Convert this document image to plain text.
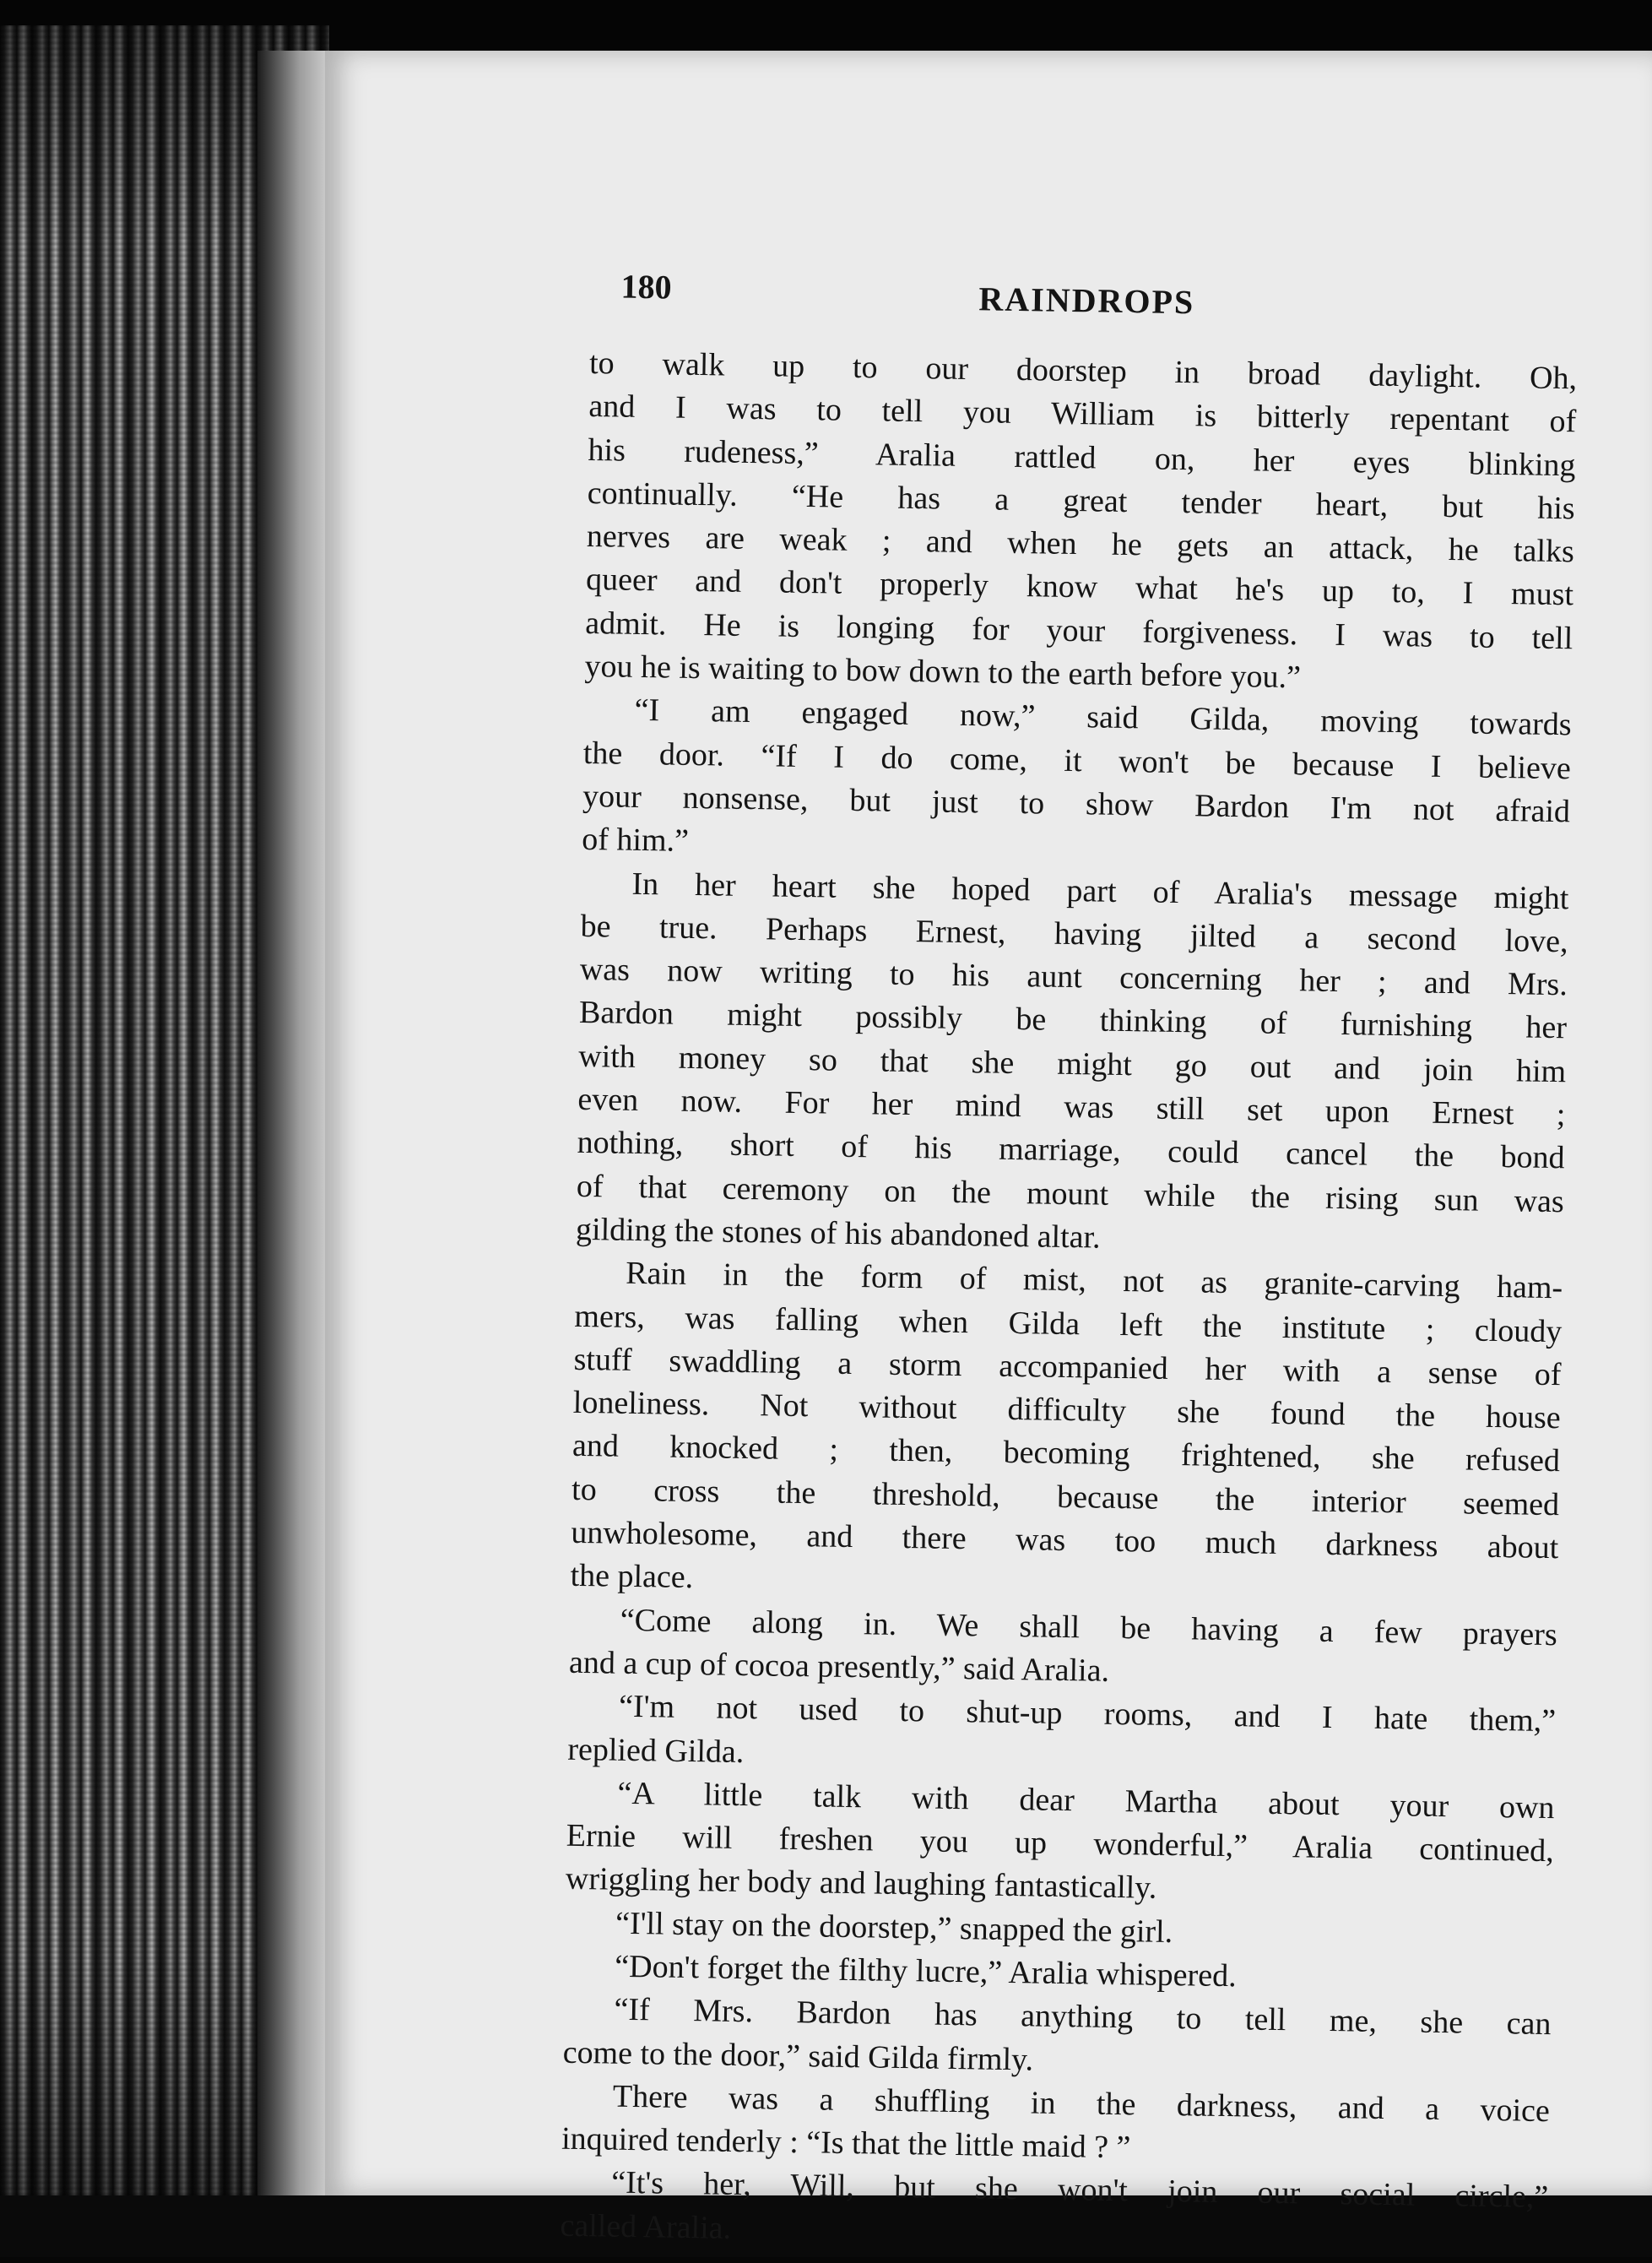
180	RAINDROPS
to walk up to our doorstep in broad daylight. Oh,
and I was to tell you William is bitterly repentant of
his rudeness,” Aralia rattled on, her eyes blinking
continually. “He has a great tender heart, but his
nerves are weak ; and when he gets an attack, he talks
queer and don't properly know what he's up to, I must
admit. He is longing for your forgiveness. I was to tell
you he is waiting to bow down to the earth before you.”
“I am engaged now,” said Gilda, moving towards
the door. “If I do come, it won't be because I believe
your nonsense, but just to show Bardon I'm not afraid
of him.”
In her heart she hoped part of Aralia's message might
be true. Perhaps Ernest, having jilted a second love,
was now writing to his aunt concerning her ; and Mrs.
Bardon might possibly be thinking of furnishing her
with money so that she might go out and join him
even now. For her mind was still set upon Ernest ;
nothing, short of his marriage, could cancel the bond
of that ceremony on the mount while the rising sun was
gilding the stones of his abandoned altar.
Rain in the form of mist, not as granite-carving ham-
mers, was falling when Gilda left the institute ; cloudy
stuff swaddling a storm accompanied her with a sense of
loneliness. Not without difficulty she found the house
and knocked ; then, becoming frightened, she refused
to cross the threshold, because the interior seemed
unwholesome, and there was too much darkness about
the place.
“Come along in. We shall be having a few prayers
and a cup of cocoa presently,” said Aralia.
“I'm not used to shut-up rooms, and I hate them,”
replied Gilda.
“A little talk with dear Martha about your own
Ernie will freshen you up wonderful,” Aralia continued,
wriggling her body and laughing fantastically.
“I'll stay on the doorstep,” snapped the girl.
“Don't forget the filthy lucre,” Aralia whispered.
“If Mrs. Bardon has anything to tell me, she can
come to the door,” said Gilda firmly.
There was a shuffling in the darkness, and a voice
inquired tenderly : “Is that the little maid ? ”
“It's her, Will, but she won't join our social circle,”
called Aralia.
